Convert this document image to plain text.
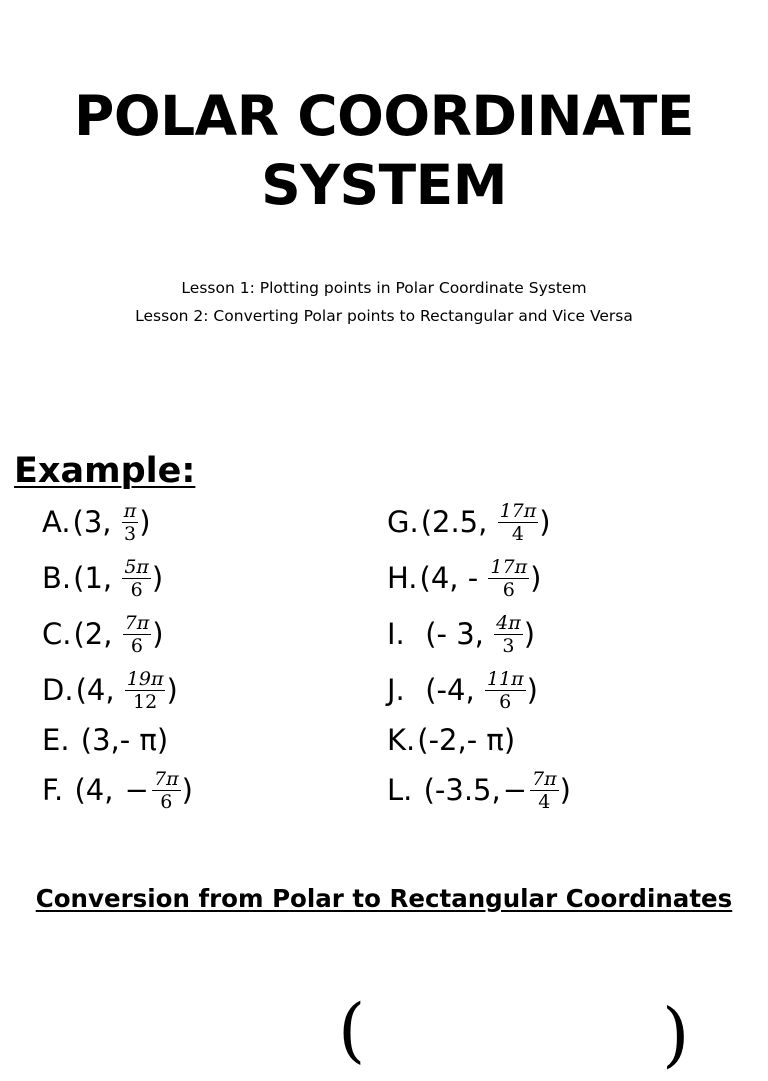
POLAR COORDINATE
SYSTEM
Lesson 1: Plotting points in Polar Coordinate System
Lesson 2: Converting Polar points to Rectangular and Vice Versa
Example:
A. (3, $\frac{\pi}{3}$ )
B. (1, $\frac{5\pi}{6}$ )
C. (2, $\frac{7\pi}{6}$ )
D. (4, $\frac{19\pi}{12}$ )
E. (3,- π)
F. (4, − $\frac{7\pi}{6}$ )
G. (2.5, $\frac{17\pi}{4}$ )
H. (4, - $\frac{17\pi}{6}$ )
I. (- 3, $\frac{4\pi}{3}$ )
J. (-4, $\frac{11\pi}{6}$ )
K. (-2,- π)
L. (-3.5, − $\frac{7\pi}{4}$ )
Conversion from Polar to Rectangular Coordinates
(	(
